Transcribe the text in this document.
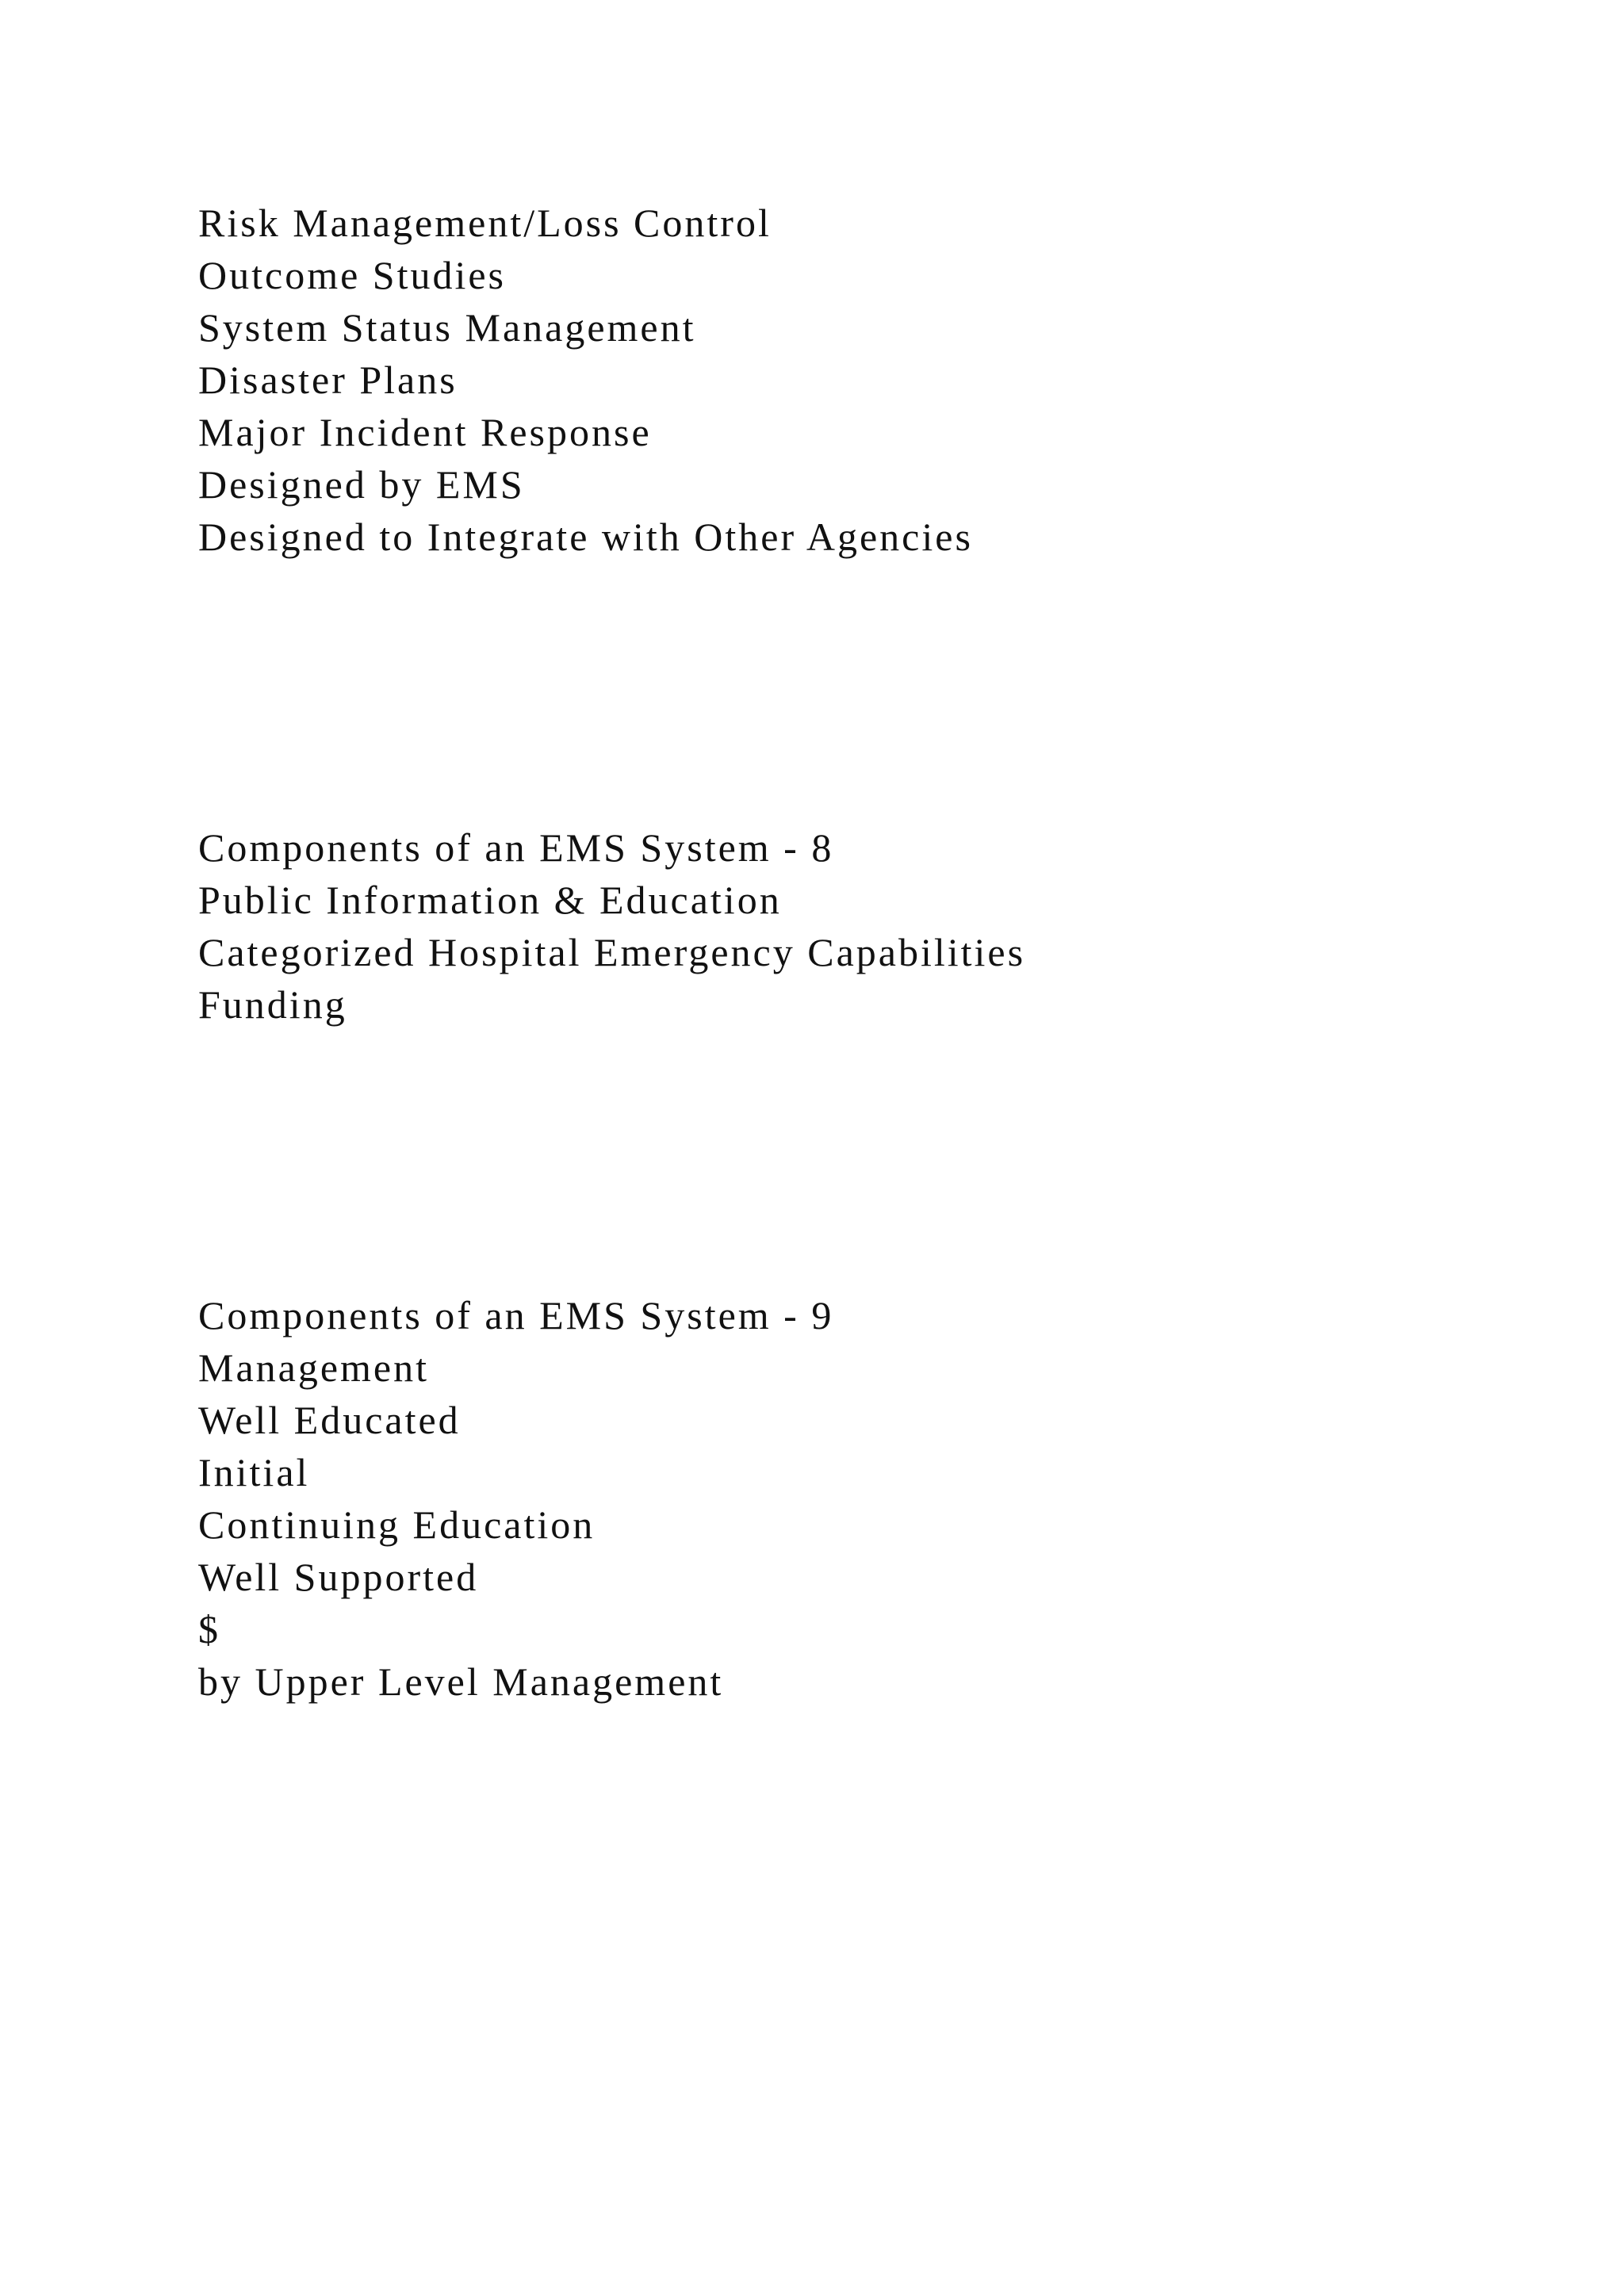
Risk Management/Loss Control
Outcome Studies
System Status Management
Disaster Plans
Major Incident Response
Designed by EMS
Designed to Integrate with Other Agencies
Components of an EMS System - 8
Public Information & Education
Categorized Hospital Emergency Capabilities
Funding
Components of an EMS System - 9
Management
Well Educated
Initial
Continuing Education
Well Supported
$
by Upper Level Management
